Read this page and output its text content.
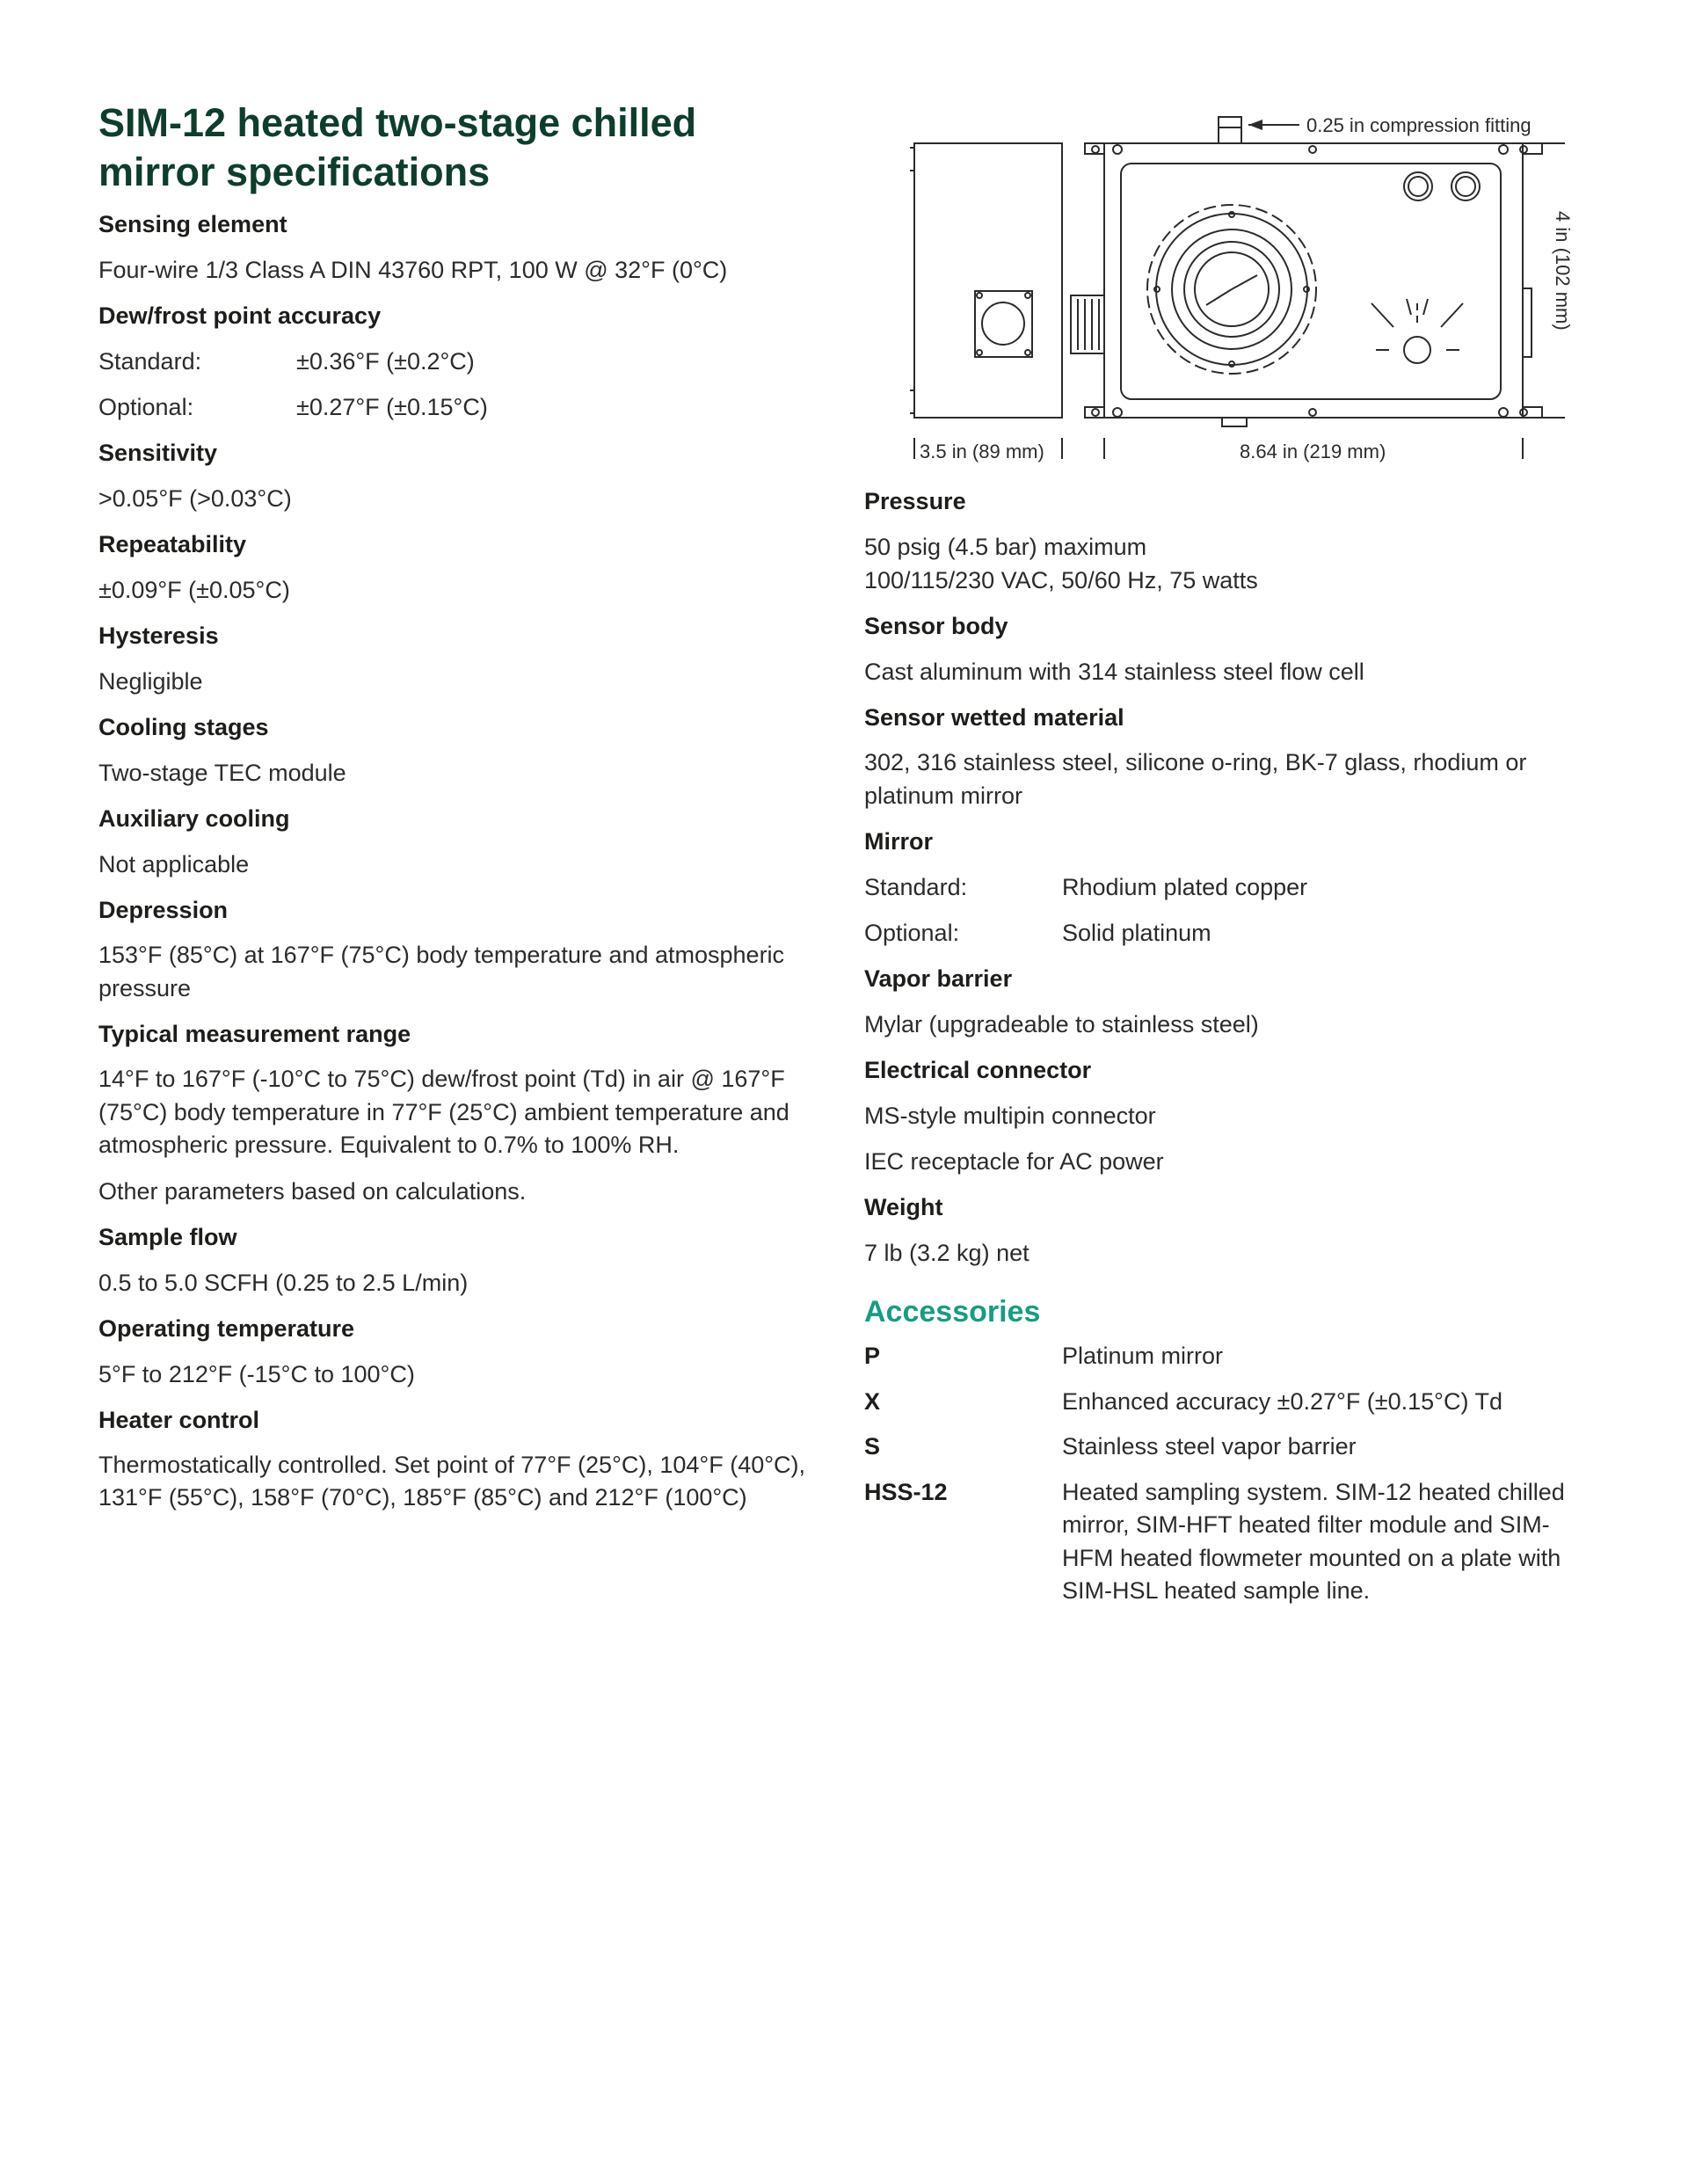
SIM-12 heated two-stage chilled mirror specifications
Sensing element
Four-wire 1/3 Class A DIN 43760 RPT, 100 W @ 32°F (0°C)
Dew/frost point accuracy
Standard:	±0.36°F (±0.2°C)
Optional:	±0.27°F (±0.15°C)
Sensitivity
>0.05°F (>0.03°C)
Repeatability
±0.09°F (±0.05°C)
Hysteresis
Negligible
Cooling stages
Two-stage TEC module
Auxiliary cooling
Not applicable
Depression
153°F (85°C) at 167°F (75°C) body temperature and atmospheric pressure
Typical measurement range
14°F to 167°F (-10°C to 75°C) dew/frost point (Td) in air @ 167°F (75°C) body temperature in 77°F (25°C) ambient temperature and atmospheric pressure. Equivalent to 0.7% to 100% RH.
Other parameters based on calculations.
Sample flow
0.5 to 5.0 SCFH (0.25 to 2.5 L/min)
Operating temperature
5°F to 212°F (-15°C to 100°C)
Heater control
Thermostatically controlled. Set point of 77°F (25°C), 104°F (40°C), 131°F (55°C), 158°F (70°C), 185°F (85°C) and 212°F (100°C)
0.25 in compression fitting
4 in (102 mm)
3.5 in (89 mm)	8.64 in (219 mm)
Pressure
50 psig (4.5 bar) maximum
100/115/230 VAC, 50/60 Hz, 75 watts
Sensor body
Cast aluminum with 314 stainless steel flow cell
Sensor wetted material
302, 316 stainless steel, silicone o-ring, BK-7 glass, rhodium or platinum mirror
Mirror
Standard:	Rhodium plated copper
Optional:	Solid platinum
Vapor barrier
Mylar (upgradeable to stainless steel)
Electrical connector
MS-style multipin connector
IEC receptacle for AC power
Weight
7 lb (3.2 kg) net
Accessories
P	Platinum mirror
X	Enhanced accuracy ±0.27°F (±0.15°C) Td
S	Stainless steel vapor barrier
HSS-12	Heated sampling system. SIM-12 heated chilled mirror, SIM-HFT heated filter module and SIM-HFM heated flowmeter mounted on a plate with SIM-HSL heated sample line.
